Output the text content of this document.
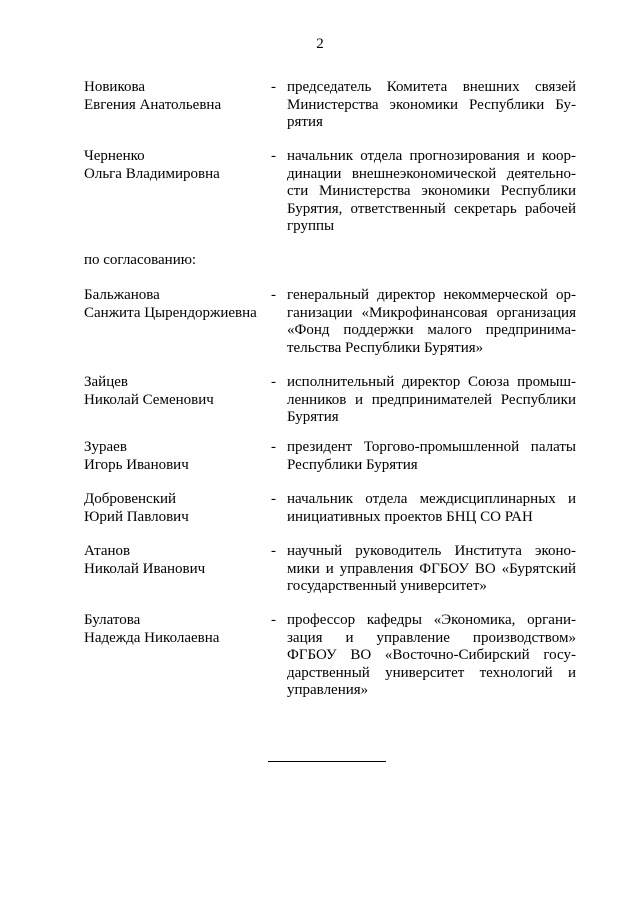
2
Новикова
Евгения Анатольевна
- председатель Комитета внешних связей
Министерства экономики Республики Бу-
рятия
Черненко
Ольга Владимировна
- начальник отдела прогнозирования и коор-
динации внешнеэкономической деятельно-
сти Министерства экономики Республики
Бурятия, ответственный секретарь рабочей
группы
по согласованию:
Бальжанова
Санжита Цырендоржиевна
- генеральный директор некоммерческой ор-
ганизации «Микрофинансовая организация
«Фонд поддержки малого предпринима-
тельства Республики Бурятия»
Зайцев
Николай Семенович
- исполнительный директор Союза промыш-
ленников и предпринимателей Республики
Бурятия
Зураев
Игорь Иванович
- президент Торгово-промышленной палаты
Республики Бурятия
Добровенский
Юрий Павлович
- начальник отдела междисциплинарных и
инициативных проектов БНЦ СО РАН
Атанов
Николай Иванович
- научный руководитель Института эконо-
мики и управления ФГБОУ ВО «Бурятский
государственный университет»
Булатова
Надежда Николаевна
- профессор кафедры «Экономика, органи-
зация и управление производством»
ФГБОУ ВО «Восточно-Сибирский госу-
дарственный университет технологий и
управления»
